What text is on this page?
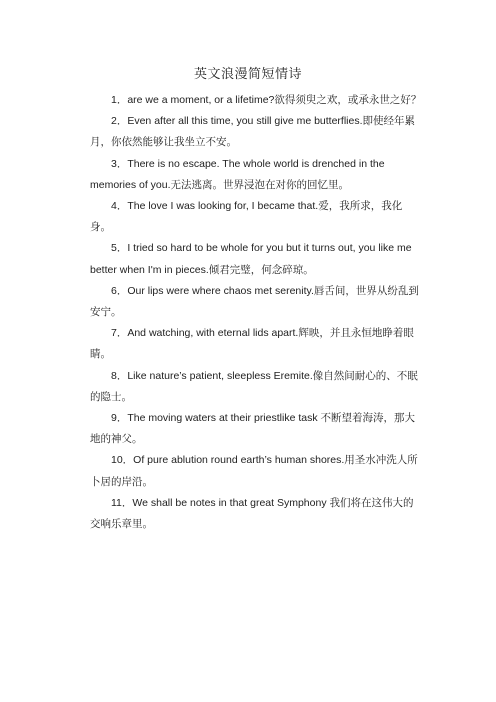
英文浪漫简短情诗

1．are we a moment, or a lifetime?欲得须臾之欢，或承永世之好？

2．Even after all this time, you still give me butterflies.即使经年累月，你依然能够让我坐立不安。

3．There is no escape. The whole world is drenched in the memories of you.无法逃离。世界浸泡在对你的回忆里。

4．The love I was looking for, I became that.爱，我所求，我化身。

5．I tried so hard to be whole for you but it turns out, you like me better when I'm in pieces.倾君完璧，何念碎琼。

6．Our lips were where chaos met serenity.唇舌间，世界从纷乱到安宁。

7．And watching, with eternal lids apart.辉映，并且永恒地睁着眼睛。

8．Like nature’s patient, sleepless Eremite.像自然间耐心的、不眠的隐士。

9．The moving waters at their priestlike task 不断望着海涛，那大地的神父。

10．Of pure ablution round earth’s human shores.用圣水冲洗人所卜居的岸沿。

11．We shall be notes in that great Symphony 我们将在这伟大的交响乐章里。
